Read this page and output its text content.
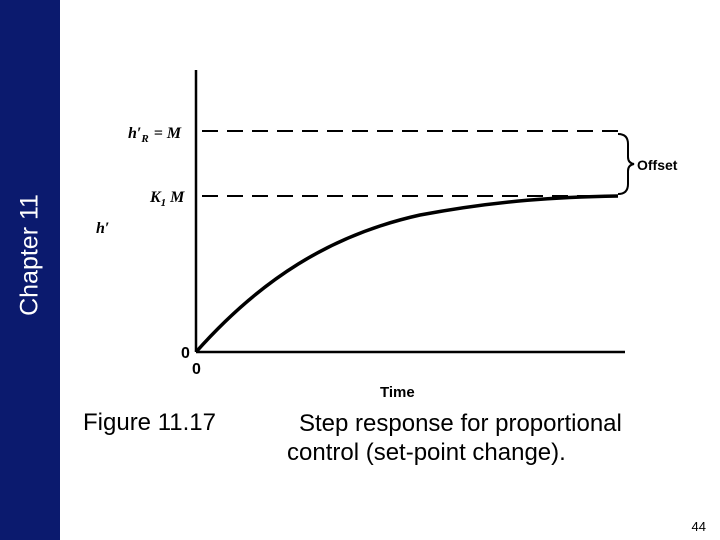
Chapter 11
$h'_R = M$
$K_1$ M
h′
0
0
Offset
Time
Figure 11.17	Step response for proportional control (set-point change).
44
